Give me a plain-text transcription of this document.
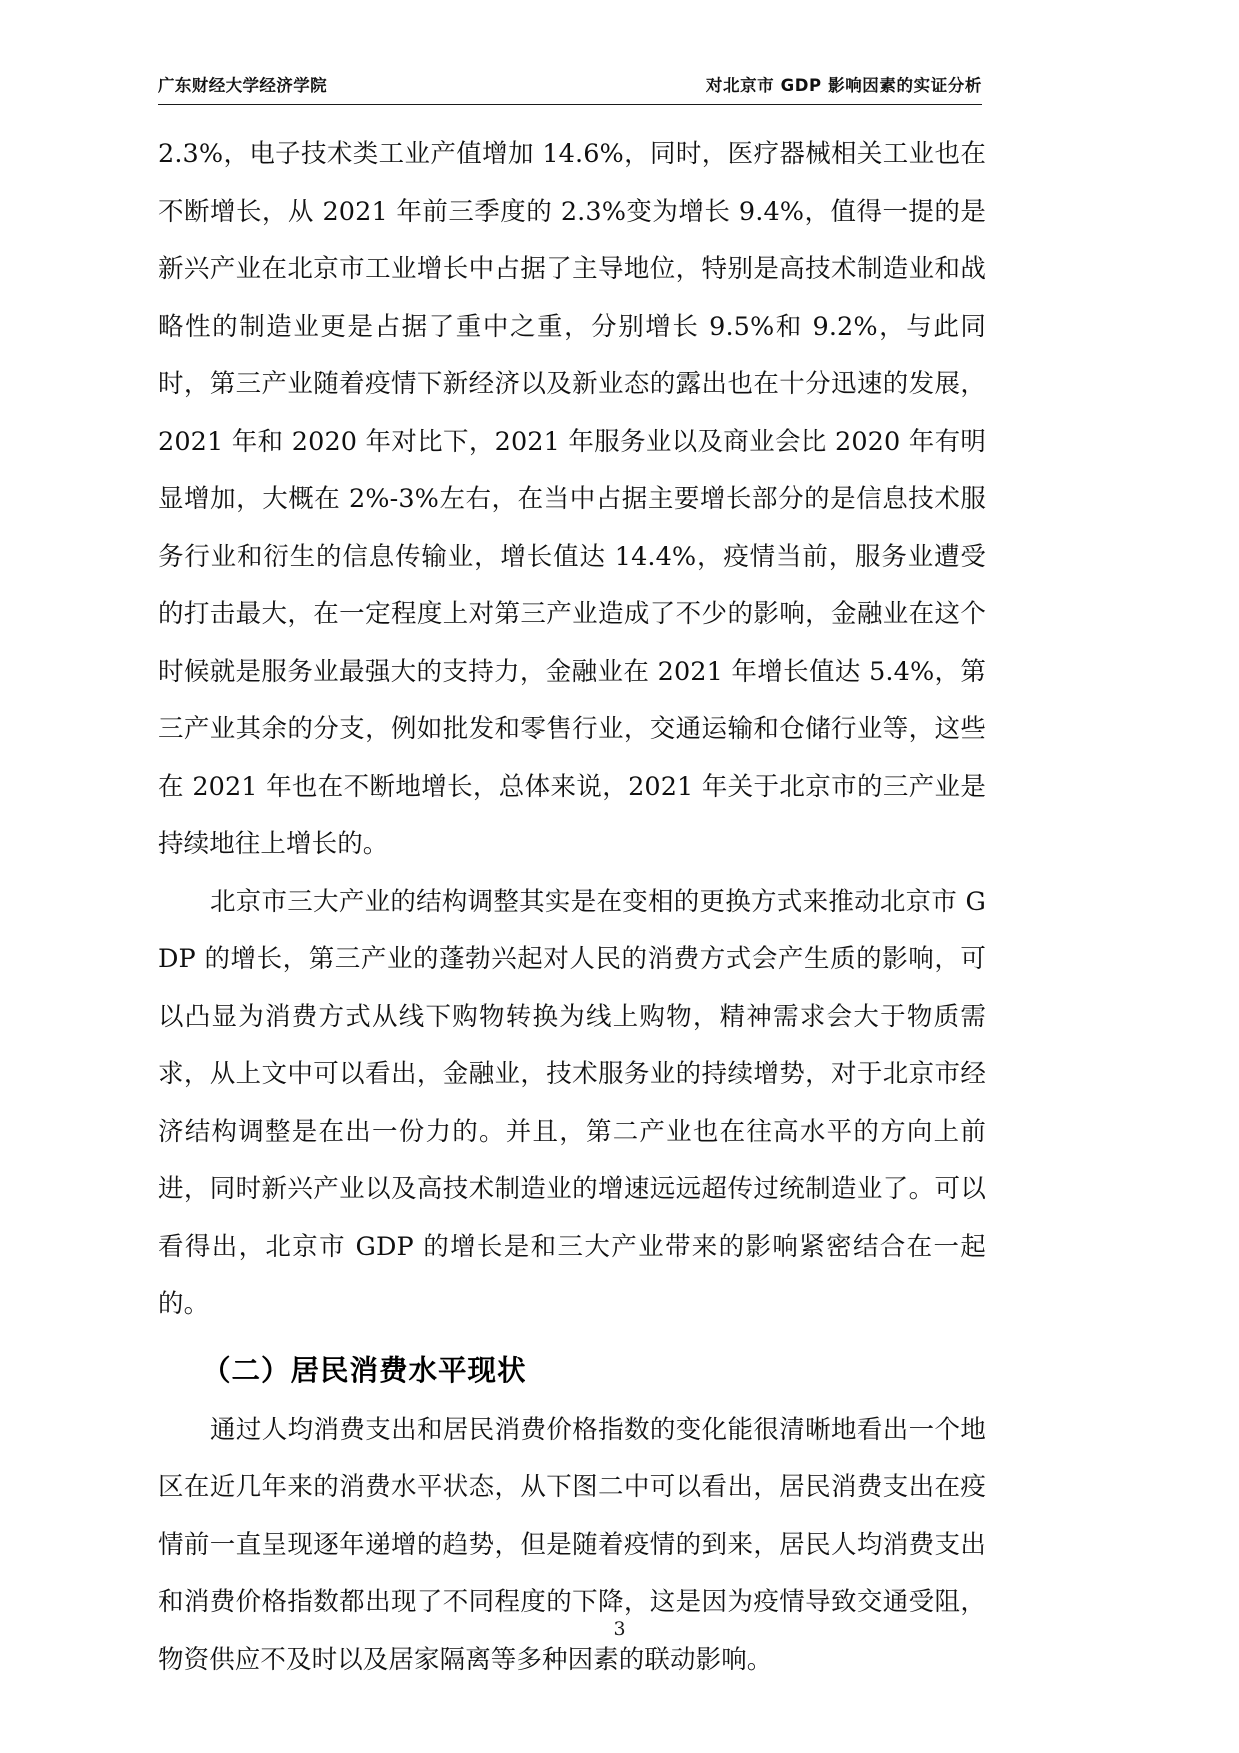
广东财经大学经济学院	对北京市 GDP 影响因素的实证分析

2.3%，电子技术类工业产值增加 14.6%，同时，医疗器械相关工业也在不断增长，从 2021 年前三季度的 2.3%变为增长 9.4%，值得一提的是新兴产业在北京市工业增长中占据了主导地位，特别是高技术制造业和战略性的制造业更是占据了重中之重，分别增长 9.5%和 9.2%，与此同时，第三产业随着疫情下新经济以及新业态的露出也在十分迅速的发展，2021 年和 2020 年对比下，2021 年服务业以及商业会比 2020 年有明显增加，大概在 2%-3%左右，在当中占据主要增长部分的是信息技术服务行业和衍生的信息传输业，增长值达 14.4%，疫情当前，服务业遭受的打击最大，在一定程度上对第三产业造成了不少的影响，金融业在这个时候就是服务业最强大的支持力，金融业在 2021 年增长值达 5.4%，第三产业其余的分支，例如批发和零售行业，交通运输和仓储行业等，这些在 2021 年也在不断地增长，总体来说，2021 年关于北京市的三产业是持续地往上增长的。

北京市三大产业的结构调整其实是在变相的更换方式来推动北京市 GDP 的增长，第三产业的蓬勃兴起对人民的消费方式会产生质的影响，可以凸显为消费方式从线下购物转换为线上购物，精神需求会大于物质需求，从上文中可以看出，金融业，技术服务业的持续增势，对于北京市经济结构调整是在出一份力的。并且，第二产业也在往高水平的方向上前进，同时新兴产业以及高技术制造业的增速远远超传过统制造业了。可以看得出，北京市 GDP 的增长是和三大产业带来的影响紧密结合在一起的。

（二）居民消费水平现状

通过人均消费支出和居民消费价格指数的变化能很清晰地看出一个地区在近几年来的消费水平状态，从下图二中可以看出，居民消费支出在疫情前一直呈现逐年递增的趋势，但是随着疫情的到来，居民人均消费支出和消费价格指数都出现了不同程度的下降，这是因为疫情导致交通受阻，物资供应不及时以及居家隔离等多种因素的联动影响。

3
